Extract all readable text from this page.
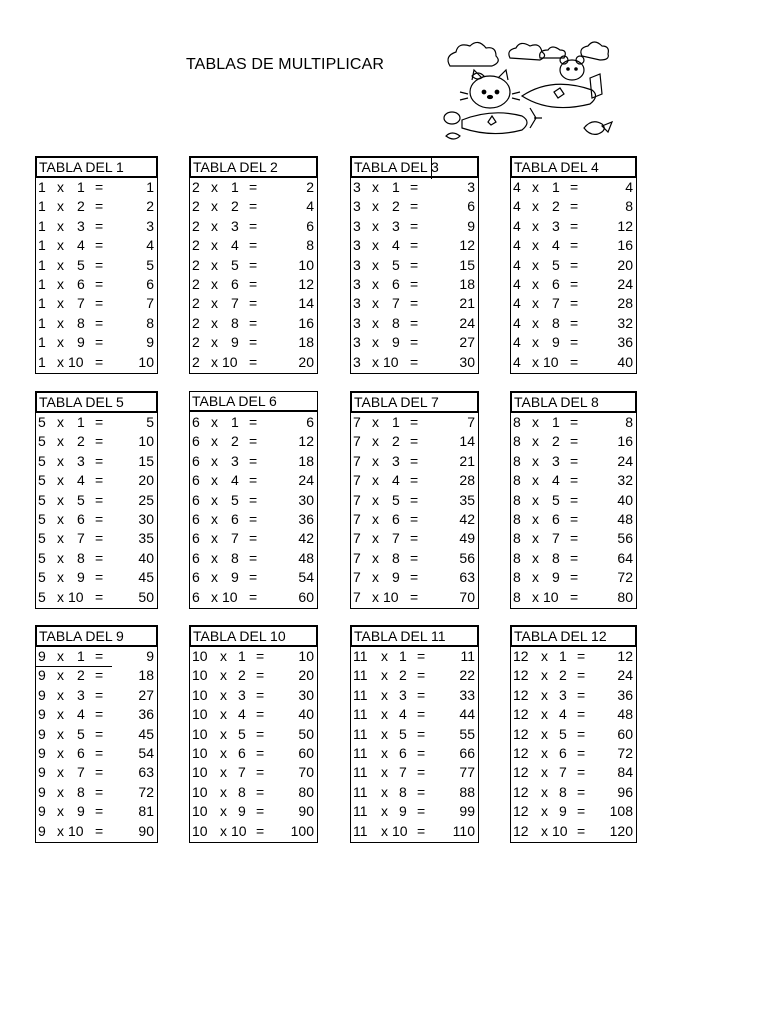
TABLAS DE MULTIPLICAR
TABLA DEL 1
1 x 1 =	1
1 x 2 =	2
1 x 3 =	3
1 x 4 =	4
1 x 5 =	5
1 x 6 =	6
1 x 7 =	7
1 x 8 =	8
1 x 9 =	9
1 x 10 =	10
TABLA DEL 2
2 x 1 =	2
2 x 2 =	4
2 x 3 =	6
2 x 4 =	8
2 x 5 =	10
2 x 6 =	12
2 x 7 =	14
2 x 8 =	16
2 x 9 =	18
2 x 10 =	20
TABLA DEL 3
3 x 1 =	3
3 x 2 =	6
3 x 3 =	9
3 x 4 =	12
3 x 5 =	15
3 x 6 =	18
3 x 7 =	21
3 x 8 =	24
3 x 9 =	27
3 x 10 =	30
TABLA DEL 4
4 x 1 =	4
4 x 2 =	8
4 x 3 =	12
4 x 4 =	16
4 x 5 =	20
4 x 6 =	24
4 x 7 =	28
4 x 8 =	32
4 x 9 =	36
4 x 10 =	40
TABLA DEL 5
5 x 1 =	5
5 x 2 =	10
5 x 3 =	15
5 x 4 =	20
5 x 5 =	25
5 x 6 =	30
5 x 7 =	35
5 x 8 =	40
5 x 9 =	45
5 x 10 =	50
TABLA DEL 6
6 x 1 =	6
6 x 2 =	12
6 x 3 =	18
6 x 4 =	24
6 x 5 =	30
6 x 6 =	36
6 x 7 =	42
6 x 8 =	48
6 x 9 =	54
6 x 10 =	60
TABLA DEL 7
7 x 1 =	7
7 x 2 =	14
7 x 3 =	21
7 x 4 =	28
7 x 5 =	35
7 x 6 =	42
7 x 7 =	49
7 x 8 =	56
7 x 9 =	63
7 x 10 =	70
TABLA DEL 8
8 x 1 =	8
8 x 2 =	16
8 x 3 =	24
8 x 4 =	32
8 x 5 =	40
8 x 6 =	48
8 x 7 =	56
8 x 8 =	64
8 x 9 =	72
8 x 10 =	80
TABLA DEL 9
9 x 1 =	9
9 x 2 =	18
9 x 3 =	27
9 x 4 =	36
9 x 5 =	45
9 x 6 =	54
9 x 7 =	63
9 x 8 =	72
9 x 9 =	81
9 x 10 =	90
TABLA DEL 10
10 x 1 = 10
10 x 2 = 20
10 x 3 = 30
10 x 4 = 40
10 x 5 = 50
10 x 6 = 60
10 x 7 = 70
10 x 8 = 80
10 x 9 = 90
10 x 10 = 100
TABLA DEL 11
11 x 1 =	11
11 x 2 = 22
11 x 3 = 33
11 x 4 = 44
11 x 5 = 55
11 x 6 = 66
11 x 7 = 77
11 x 8 = 88
11 x 9 = 99
11 x 10 = 110
TABLA DEL 12
12 x 1 = 12
12 x 2 = 24
12 x 3 = 36
12 x 4 = 48
12 x 5 = 60
12 x 6 = 72
12 x 7 = 84
12 x 8 = 96
12 x 9 = 108
12 x 10 = 120
